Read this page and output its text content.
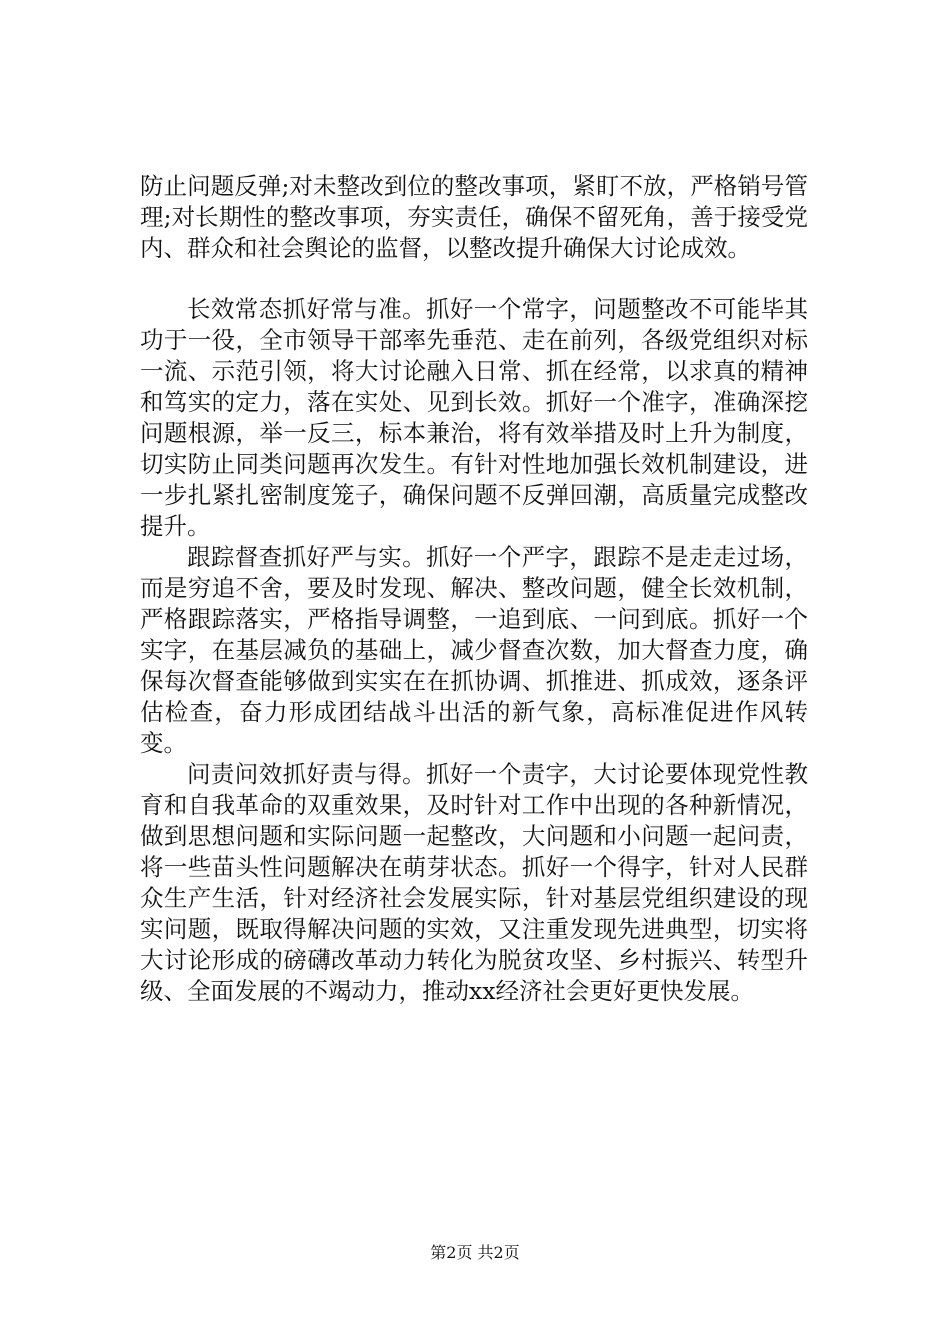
防止问题反弹;对未整改到位的整改事项，紧盯不放，严格销号管理;对长期性的整改事项，夯实责任，确保不留死角，善于接受党内、群众和社会舆论的监督，以整改提升确保大讨论成效。

长效常态抓好常与准。抓好一个常字，问题整改不可能毕其功于一役，全市领导干部率先垂范、走在前列，各级党组织对标一流、示范引领，将大讨论融入日常、抓在经常，以求真的精神和笃实的定力，落在实处、见到长效。抓好一个准字，准确深挖问题根源，举一反三，标本兼治，将有效举措及时上升为制度，切实防止同类问题再次发生。有针对性地加强长效机制建设，进一步扎紧扎密制度笼子，确保问题不反弹回潮，高质量完成整改提升。

跟踪督查抓好严与实。抓好一个严字，跟踪不是走走过场，而是穷追不舍，要及时发现、解决、整改问题，健全长效机制，严格跟踪落实，严格指导调整，一追到底、一问到底。抓好一个实字，在基层减负的基础上，减少督查次数，加大督查力度，确保每次督查能够做到实实在在抓协调、抓推进、抓成效，逐条评估检查，奋力形成团结战斗出活的新气象，高标准促进作风转变。

问责问效抓好责与得。抓好一个责字，大讨论要体现党性教育和自我革命的双重效果，及时针对工作中出现的各种新情况，做到思想问题和实际问题一起整改，大问题和小问题一起问责，将一些苗头性问题解决在萌芽状态。抓好一个得字，针对人民群众生产生活，针对经济社会发展实际，针对基层党组织建设的现实问题，既取得解决问题的实效，又注重发现先进典型，切实将大讨论形成的磅礴改革动力转化为脱贫攻坚、乡村振兴、转型升级、全面发展的不竭动力，推动xx经济社会更好更快发展。

第2页 共2页
